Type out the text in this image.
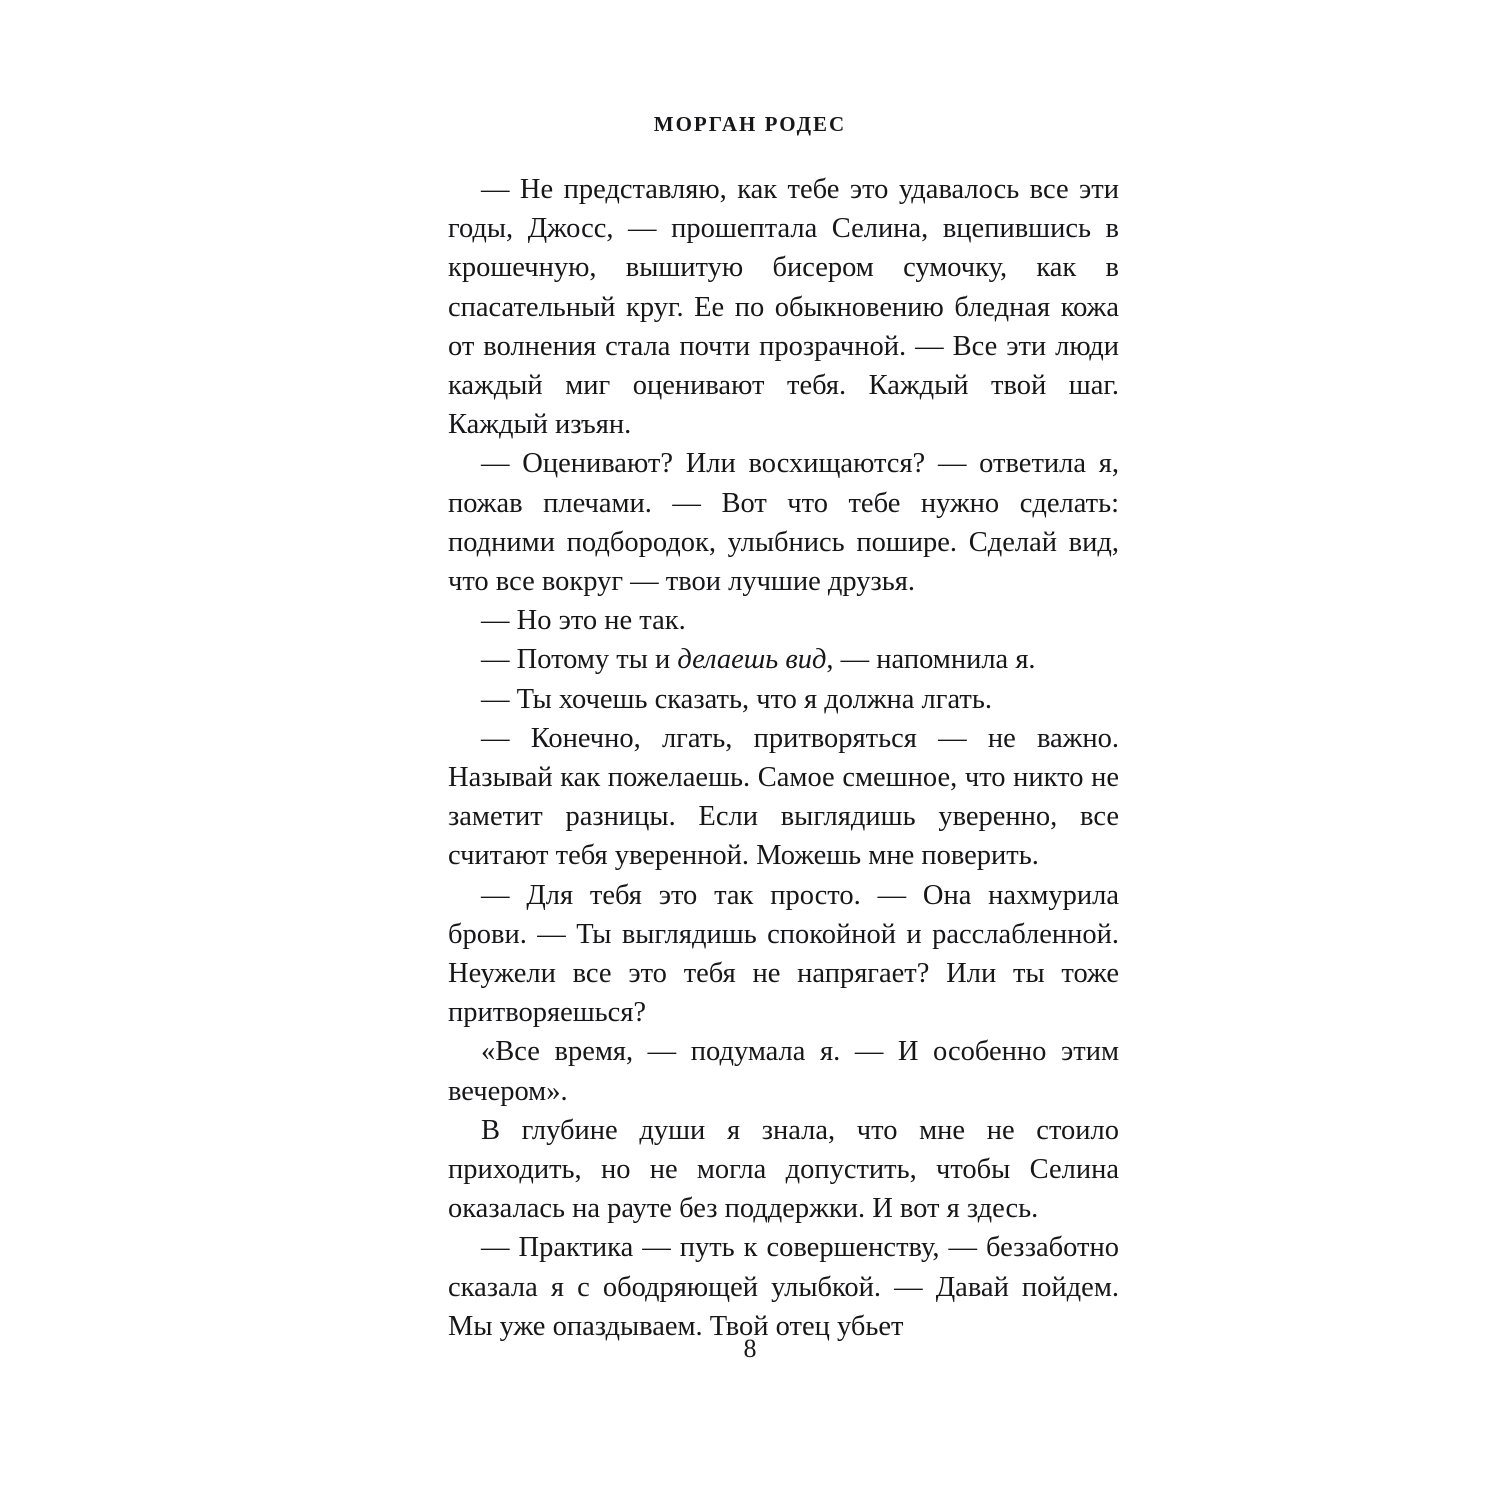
МОРГАН РОДЕС

— Не представляю, как тебе это удавалось все эти годы, Джосс, — прошептала Селина, вцепившись в крошечную, вышитую бисером сумочку, как в спасательный круг. Ее по обыкновению бледная кожа от волнения стала почти прозрачной. — Все эти люди каждый миг оценивают тебя. Каждый твой шаг. Каждый изъян.

— Оценивают? Или восхищаются? — ответила я, пожав плечами. — Вот что тебе нужно сделать: подними подбородок, улыбнись пошире. Сделай вид, что все вокруг — твои лучшие друзья.

— Но это не так.

— Потому ты и делаешь вид, — напомнила я.

— Ты хочешь сказать, что я должна лгать.

— Конечно, лгать, притворяться — не важно. Называй как пожелаешь. Самое смешное, что никто не заметит разницы. Если выглядишь уверенно, все считают тебя уверенной. Можешь мне поверить.

— Для тебя это так просто. — Она нахмурила брови. — Ты выглядишь спокойной и расслабленной. Неужели все это тебя не напрягает? Или ты тоже притворяешься?

«Все время, — подумала я. — И особенно этим вечером».

В глубине души я знала, что мне не стоило приходить, но не могла допустить, чтобы Селина оказалась на рауте без поддержки. И вот я здесь.

— Практика — путь к совершенству, — беззаботно сказала я с ободряющей улыбкой. — Давай пойдем. Мы уже опаздываем. Твой отец убьет

8
